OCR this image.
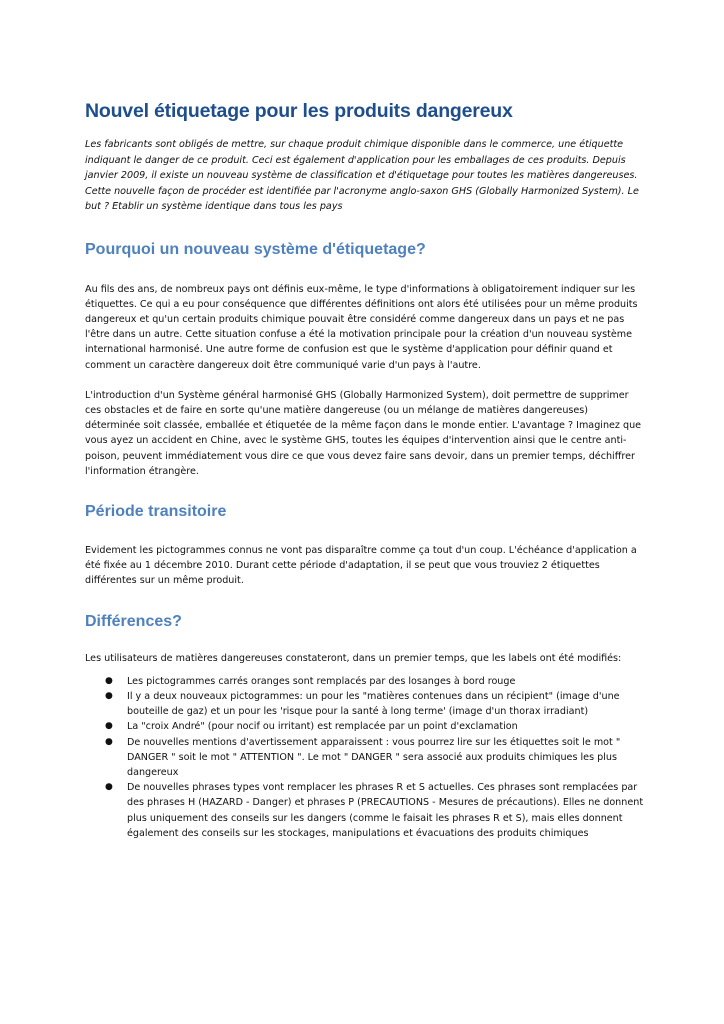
Nouvel étiquetage pour les produits dangereux

Les fabricants sont obligés de mettre, sur chaque produit chimique disponible dans le commerce, une étiquette indiquant le danger de ce produit. Ceci est également d'application pour les emballages de ces produits. Depuis janvier 2009, il existe un nouveau système de classification et d'étiquetage pour toutes les matières dangereuses. Cette nouvelle façon de procéder est identifiée par l'acronyme anglo-saxon GHS (Globally Harmonized System). Le but ? Etablir un système identique dans tous les pays

Pourquoi un nouveau système d'étiquetage?

Au fils des ans, de nombreux pays ont définis eux-même, le type d'informations à obligatoirement indiquer sur les étiquettes. Ce qui a eu pour conséquence que différentes définitions ont alors été utilisées pour un même produits dangereux et qu'un certain produits chimique pouvait être considéré comme dangereux dans un pays et ne pas l'être dans un autre. Cette situation confuse a été la motivation principale pour la création d'un nouveau système international harmonisé. Une autre forme de confusion est que le système d'application pour définir quand et comment un caractère dangereux doit être communiqué varie d'un pays à l'autre.

L'introduction d'un Système général harmonisé GHS (Globally Harmonized System), doit permettre de supprimer ces obstacles et de faire en sorte qu'une matière dangereuse (ou un mélange de matières dangereuses) déterminée soit classée, emballée et étiquetée de la même façon dans le monde entier. L'avantage ? Imaginez que vous ayez un accident en Chine, avec le système GHS, toutes les équipes d'intervention ainsi que le centre anti-poison, peuvent immédiatement vous dire ce que vous devez faire sans devoir, dans un premier temps, déchiffrer l'information étrangère.

Période transitoire

Evidement les pictogrammes connus ne vont pas disparaître comme ça tout d'un coup. L'échéance d'application a été fixée au 1 décembre 2010. Durant cette période d'adaptation, il se peut que vous trouviez 2 étiquettes différentes sur un même produit.

Différences?

Les utilisateurs de matières dangereuses constateront, dans un premier temps, que les labels ont été modifiés:

● Les pictogrammes carrés oranges sont remplacés par des losanges à bord rouge
● Il y a deux nouveaux pictogrammes: un pour les "matières contenues dans un récipient" (image d'une bouteille de gaz) et un pour les 'risque pour la santé à long terme' (image d'un thorax irradiant)
● La "croix André" (pour nocif ou irritant) est remplacée par un point d'exclamation
● De nouvelles mentions d'avertissement apparaissent : vous pourrez lire sur les étiquettes soit le mot " DANGER " soit le mot " ATTENTION ". Le mot " DANGER " sera associé aux produits chimiques les plus dangereux
● De nouvelles phrases types vont remplacer les phrases R et S actuelles. Ces phrases sont remplacées par des phrases H (HAZARD - Danger) et phrases P (PRECAUTIONS - Mesures de précautions). Elles ne donnent plus uniquement des conseils sur les dangers (comme le faisait les phrases R et S), mais elles donnent également des conseils sur les stockages, manipulations et évacuations des produits chimiques
